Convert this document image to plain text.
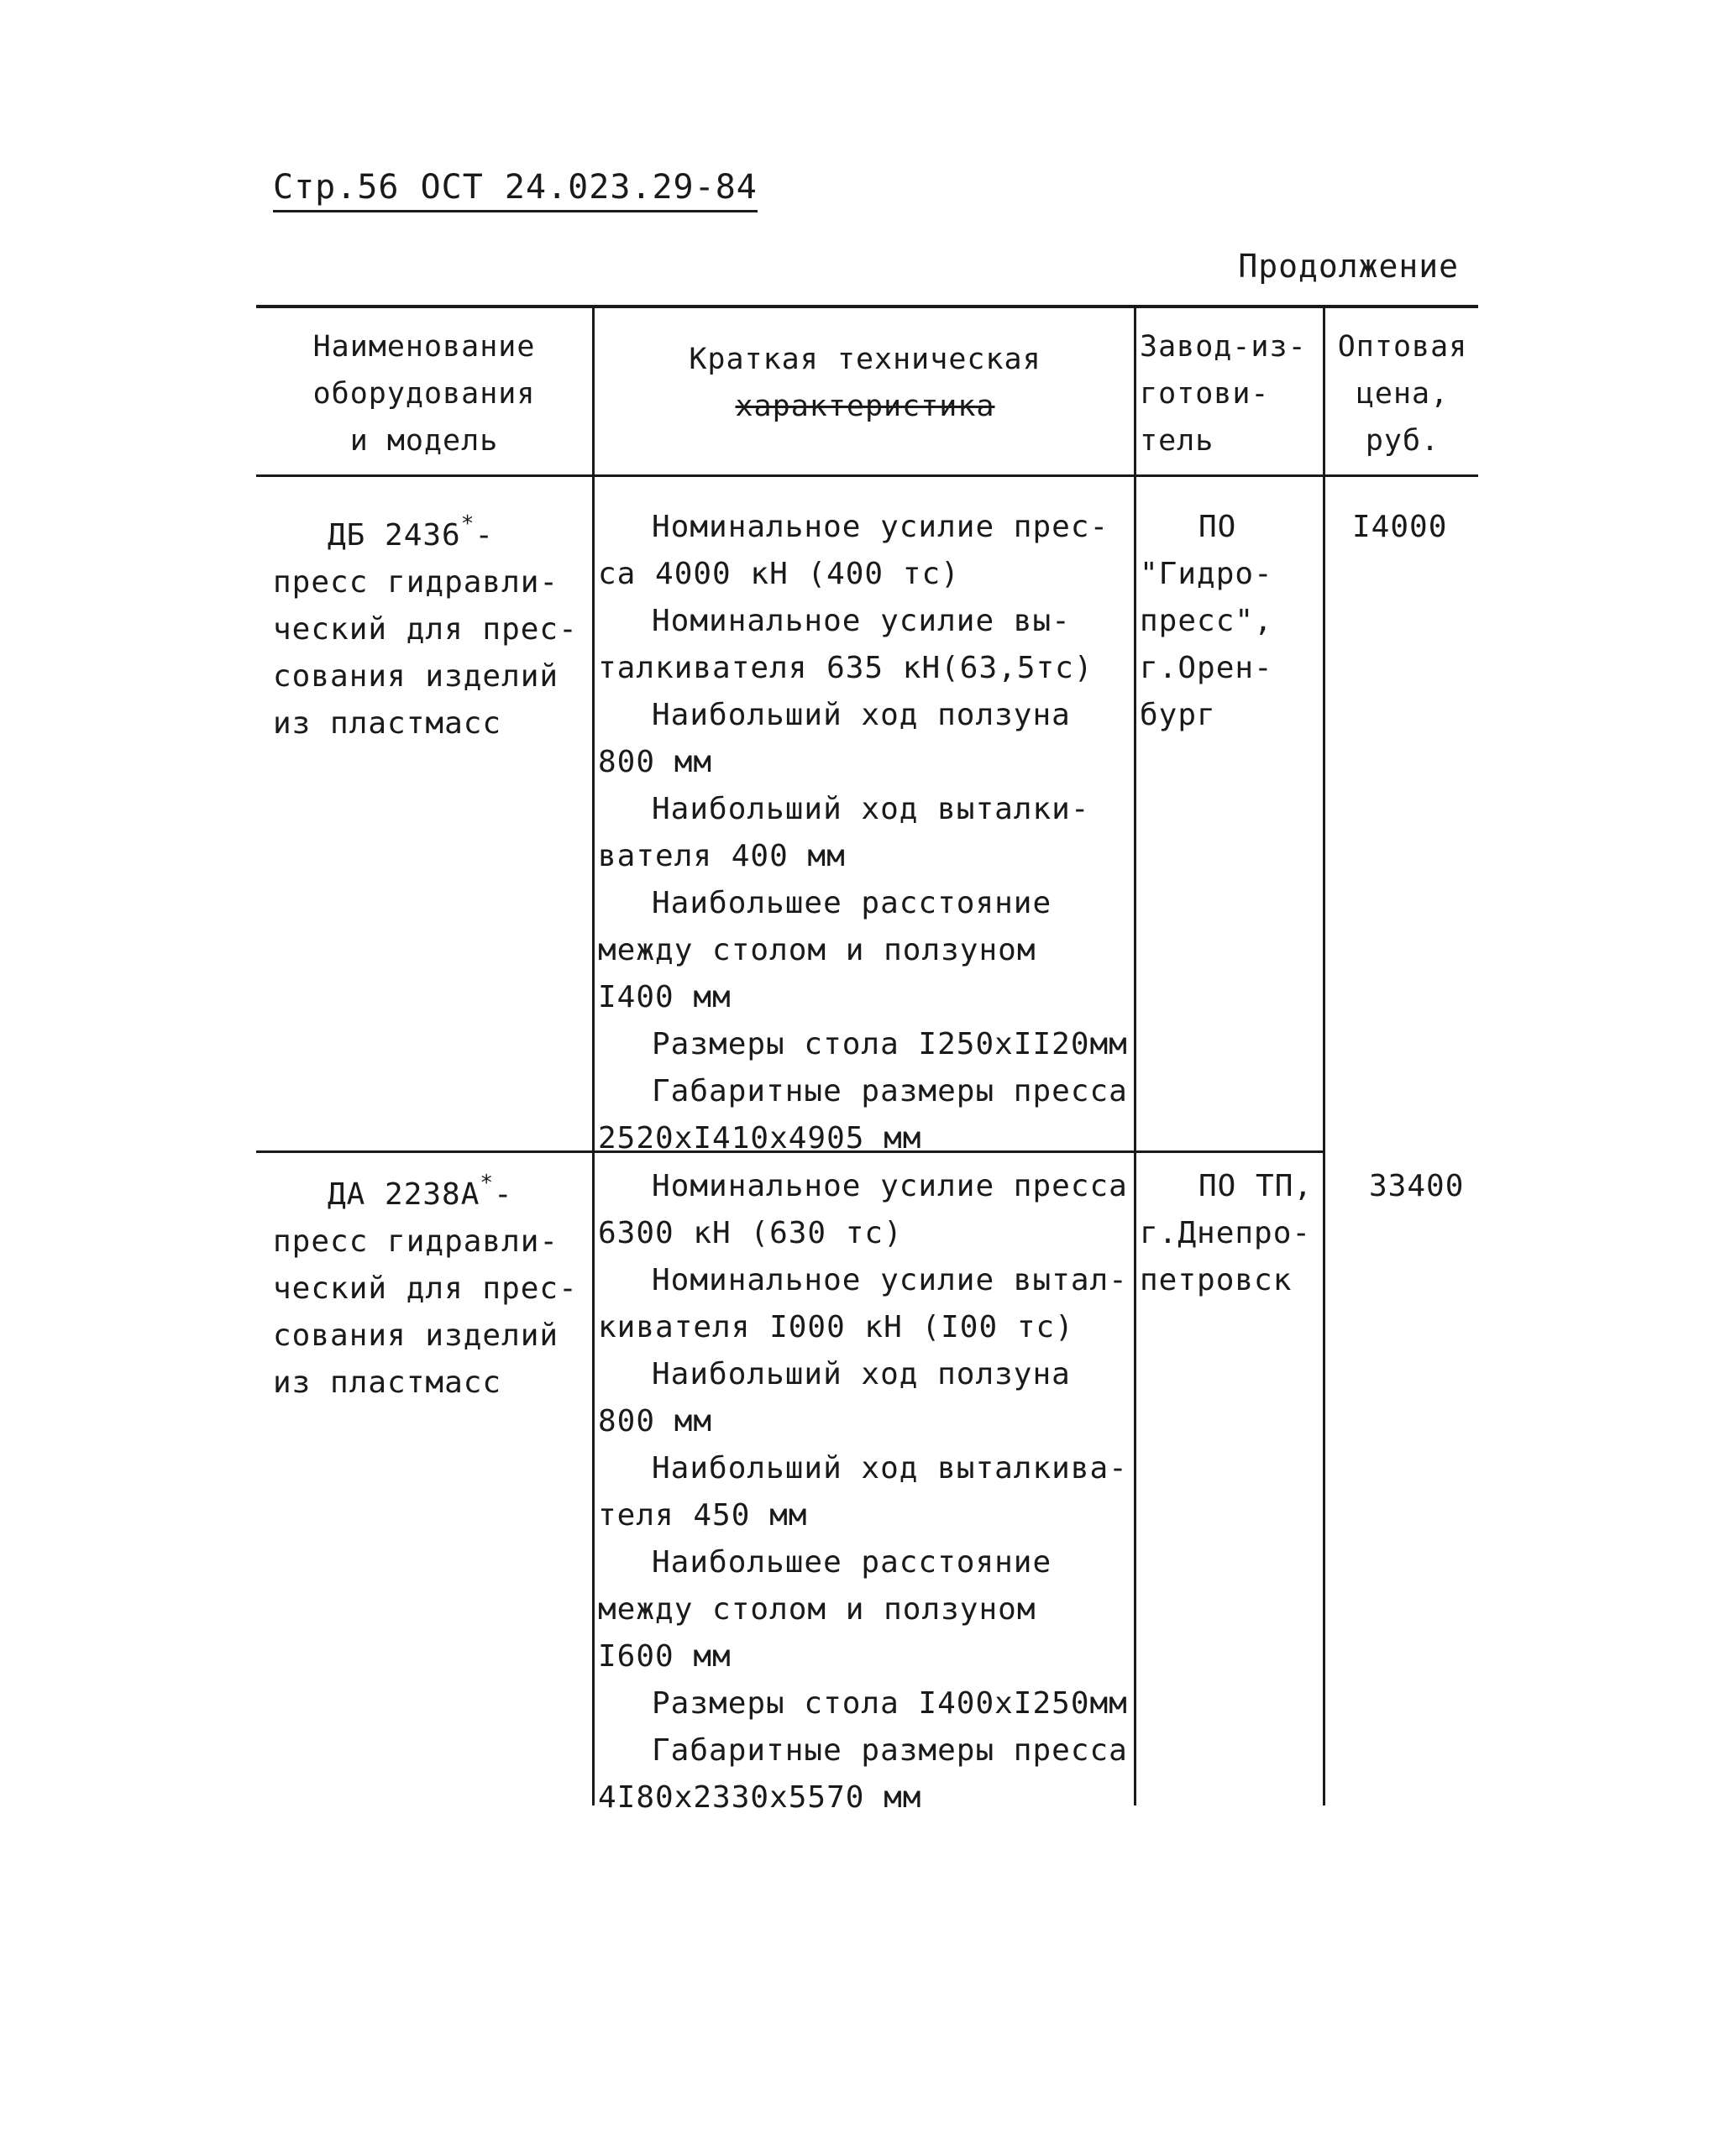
Стр.56 ОСТ 24.023.29-84
Продолжение
Наименование
оборудования
и модель
Краткая техническая
характеристика
Завод-из-
готови-
тель
Оптовая
цена,
руб.
ДБ 2436*-
пресс гидравли-
ческий для прес-
сования изделий
из пластмасс
Номинальное усилие прес-
са 4000 кН (400 тс)
Номинальное усилие вы-
талкивателя 635 кН(63,5тс)
Наибольший ход ползуна
800 мм
Наибольший ход выталки-
вателя 400 мм
Наибольшее расстояние
между столом и ползуном
I400 мм
Размеры стола I250xII20мм
Габаритные размеры пресса
2520xI410x4905 мм
ПО
"Гидро-
пресс",
г.Орен-
бург
I4000
ДА 2238А*-
пресс гидравли-
ческий для прес-
сования изделий
из пластмасс
Номинальное усилие пресса
6300 кН (630 тс)
Номинальное усилие вытал-
кивателя I000 кН (I00 тс)
Наибольший ход ползуна
800 мм
Наибольший ход выталкива-
теля 450 мм
Наибольшее расстояние
между столом и ползуном
I600 мм
Размеры стола I400xI250мм
Габаритные размеры пресса
4I80x2330x5570 мм
ПО ТП,
г.Днепро-
петровск
33400
